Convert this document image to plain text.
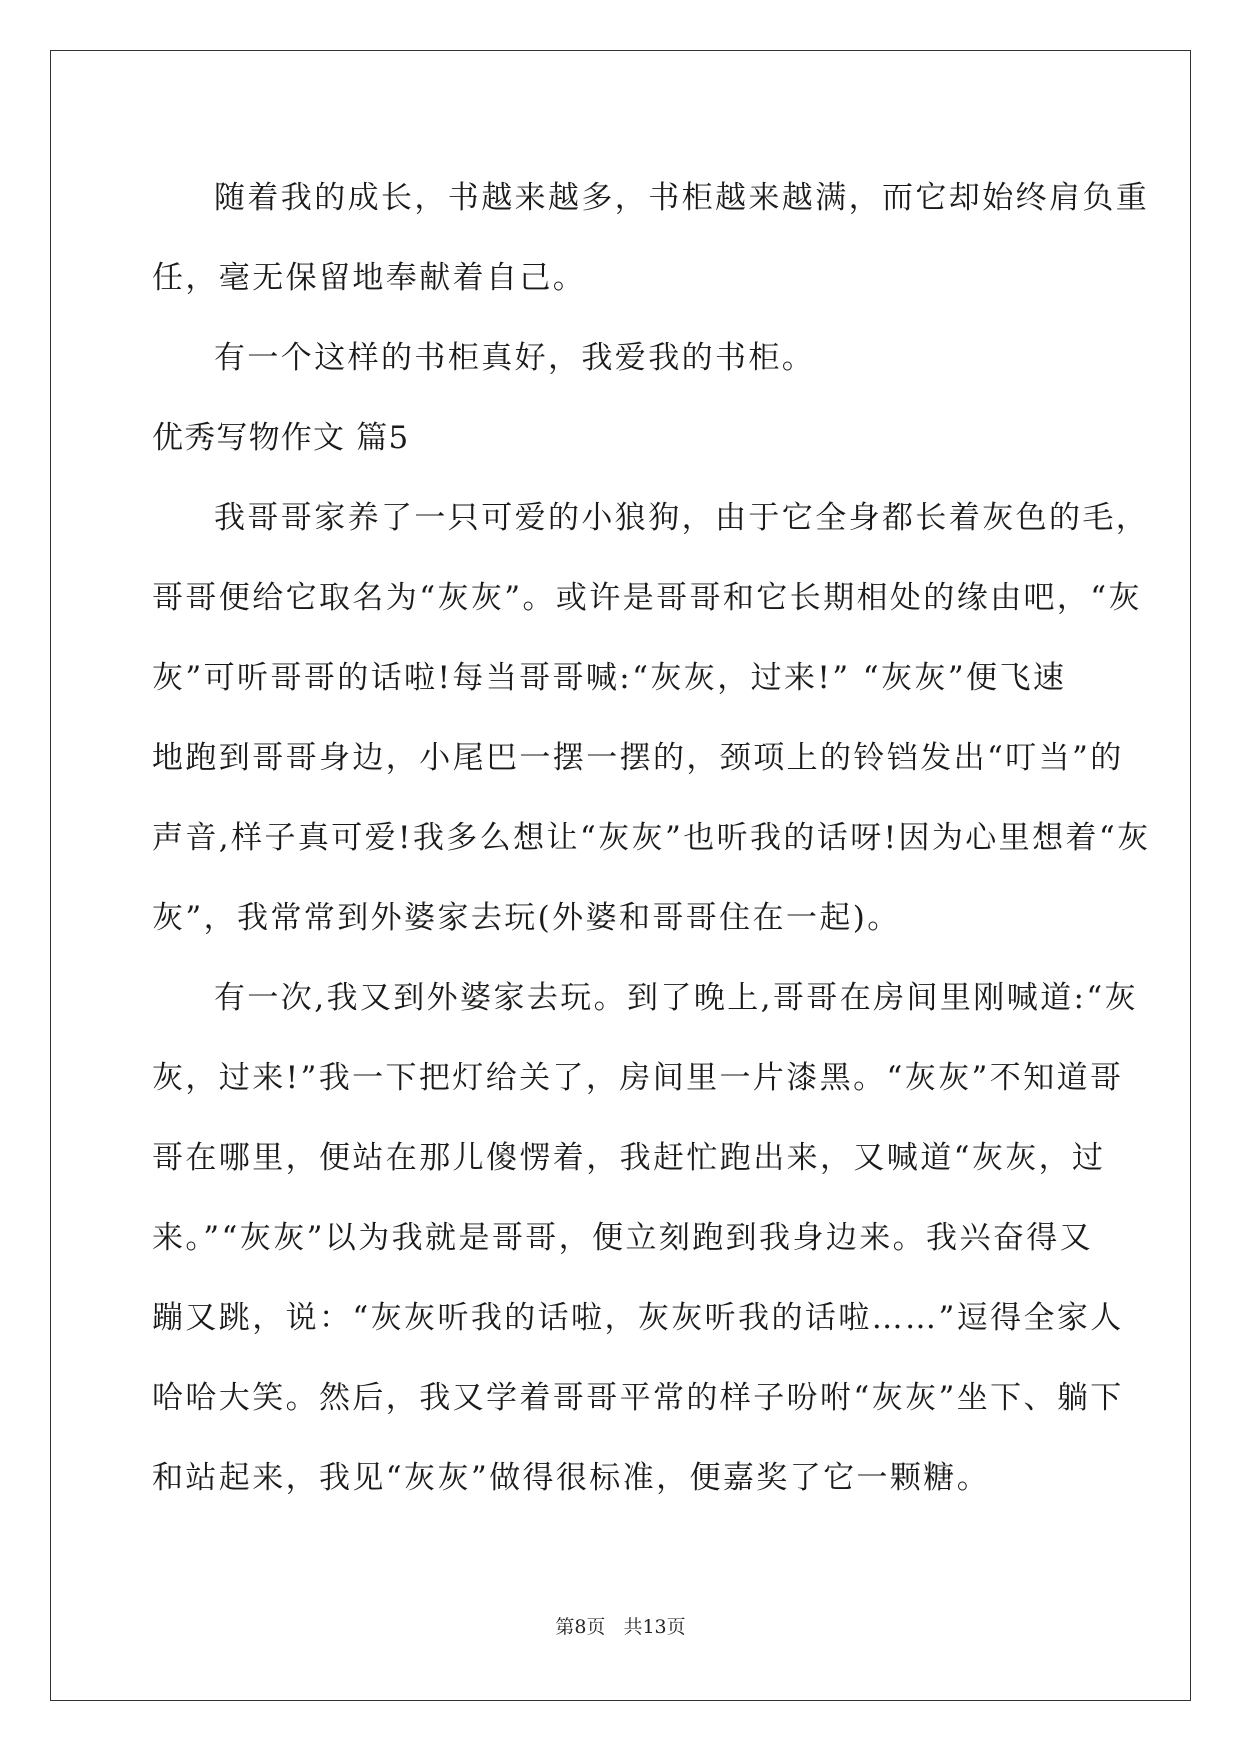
随着我的成长，书越来越多，书柜越来越满，而它却始终肩负重
任，毫无保留地奉献着自己。
有一个这样的书柜真好，我爱我的书柜。
优秀写物作文 篇5
我哥哥家养了一只可爱的小狼狗，由于它全身都长着灰色的毛，
哥哥便给它取名为“灰灰”。或许是哥哥和它长期相处的缘由吧，“灰
灰”可听哥哥的话啦!每当哥哥喊:“灰灰，过来!” “灰灰”便飞速
地跑到哥哥身边，小尾巴一摆一摆的，颈项上的铃铛发出“叮当”的
声音,样子真可爱!我多么想让“灰灰”也听我的话呀!因为心里想着“灰
灰”，我常常到外婆家去玩(外婆和哥哥住在一起)。
有一次,我又到外婆家去玩。到了晚上,哥哥在房间里刚喊道:“灰
灰，过来!”我一下把灯给关了，房间里一片漆黑。“灰灰”不知道哥
哥在哪里，便站在那儿傻愣着，我赶忙跑出来，又喊道“灰灰，过
来。”“灰灰”以为我就是哥哥，便立刻跑到我身边来。我兴奋得又
蹦又跳，说：“灰灰听我的话啦，灰灰听我的话啦……”逗得全家人
哈哈大笑。然后，我又学着哥哥平常的样子吩咐“灰灰”坐下、躺下
和站起来，我见“灰灰”做得很标准，便嘉奖了它一颗糖。
第8页 共13页
